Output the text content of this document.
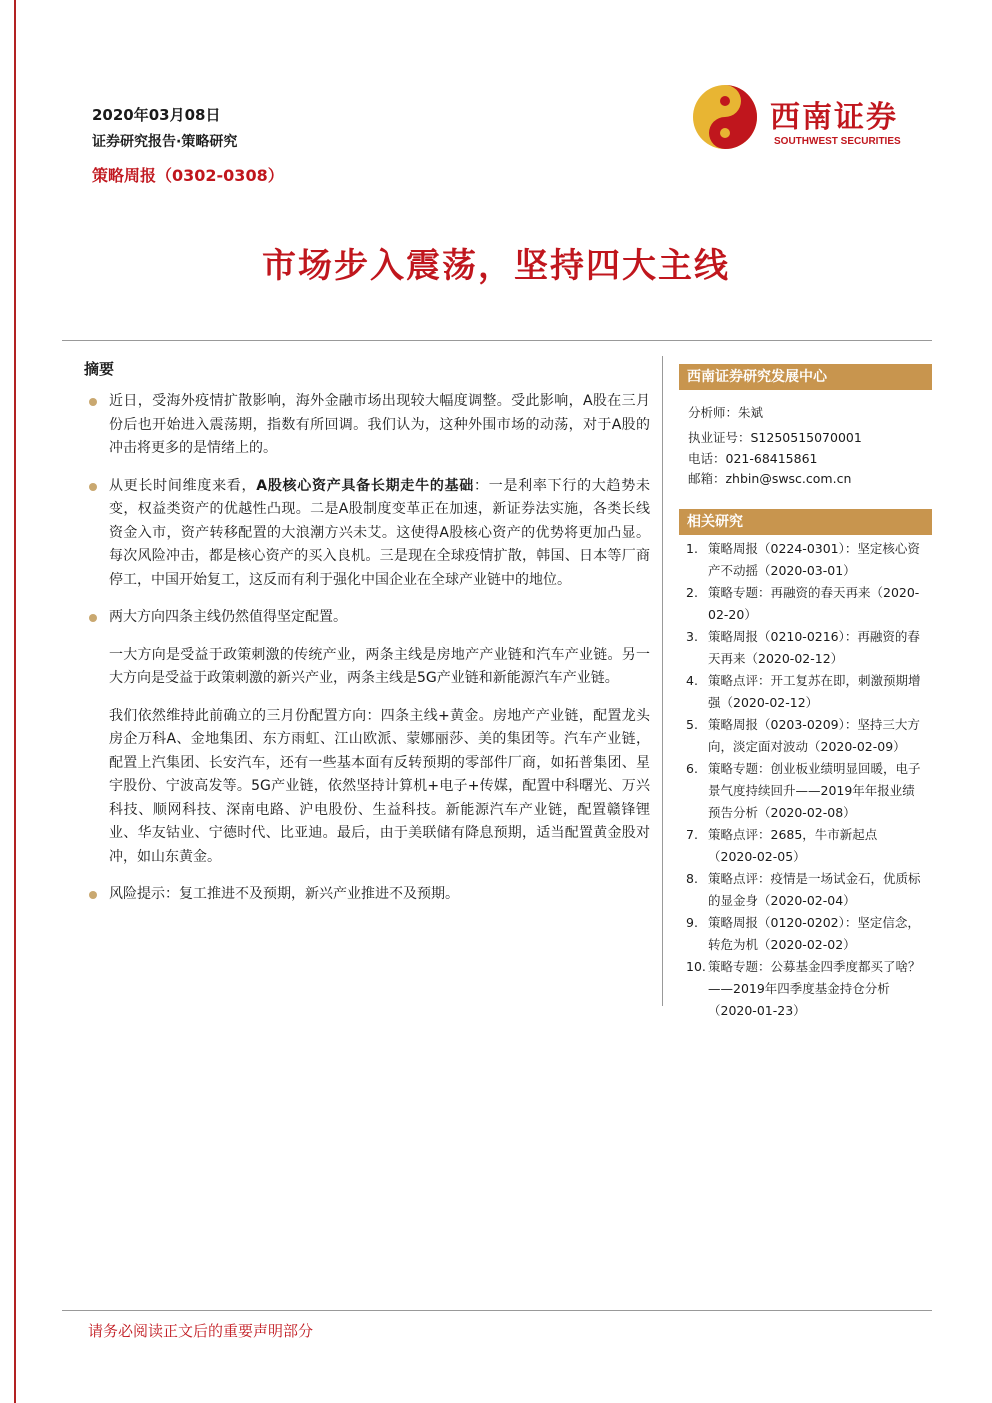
2020年03月08日
证券研究报告·策略研究
策略周报（0302-0308）
西南证券
SOUTHWEST SECURITIES
市场步入震荡，坚持四大主线
摘要
近日，受海外疫情扩散影响，海外金融市场出现较大幅度调整。受此影响，A股在三月份后也开始进入震荡期，指数有所回调。我们认为，这种外围市场的动荡，对于A股的冲击将更多的是情绪上的。
从更长时间维度来看，A股核心资产具备长期走牛的基础：一是利率下行的大趋势未变，权益类资产的优越性凸现。二是A股制度变革正在加速，新证券法实施，各类长线资金入市，资产转移配置的大浪潮方兴未艾。这使得A股核心资产的优势将更加凸显。每次风险冲击，都是核心资产的买入良机。三是现在全球疫情扩散，韩国、日本等厂商停工，中国开始复工，这反而有利于强化中国企业在全球产业链中的地位。
两大方向四条主线仍然值得坚定配置。
一大方向是受益于政策刺激的传统产业，两条主线是房地产产业链和汽车产业链。另一大方向是受益于政策刺激的新兴产业，两条主线是5G产业链和新能源汽车产业链。
我们依然维持此前确立的三月份配置方向：四条主线+黄金。房地产产业链，配置龙头房企万科A、金地集团、东方雨虹、江山欧派、蒙娜丽莎、美的集团等。汽车产业链，配置上汽集团、长安汽车，还有一些基本面有反转预期的零部件厂商，如拓普集团、星宇股份、宁波高发等。5G产业链，依然坚持计算机+电子+传媒，配置中科曙光、万兴科技、顺网科技、深南电路、沪电股份、生益科技。新能源汽车产业链，配置赣锋锂业、华友钴业、宁德时代、比亚迪。最后，由于美联储有降息预期，适当配置黄金股对冲，如山东黄金。
风险提示：复工推进不及预期，新兴产业推进不及预期。
西南证券研究发展中心
分析师：朱斌
执业证号：S1250515070001
电话：021-68415861
邮箱：zhbin@swsc.com.cn
相关研究
1. 策略周报（0224-0301）：坚定核心资产不动摇（2020-03-01）
2. 策略专题：再融资的春天再来（2020-02-20）
3. 策略周报（0210-0216）：再融资的春天再来（2020-02-12）
4. 策略点评：开工复苏在即，刺激预期增强（2020-02-12）
5. 策略周报（0203-0209）：坚持三大方向，淡定面对波动（2020-02-09）
6. 策略专题：创业板业绩明显回暖，电子景气度持续回升——2019年年报业绩预告分析（2020-02-08）
7. 策略点评：2685，牛市新起点（2020-02-05）
8. 策略点评：疫情是一场试金石，优质标的显金身（2020-02-04）
9. 策略周报（0120-0202）：坚定信念，转危为机（2020-02-02）
10. 策略专题：公募基金四季度都买了啥？——2019年四季度基金持仓分析（2020-01-23）
请务必阅读正文后的重要声明部分
